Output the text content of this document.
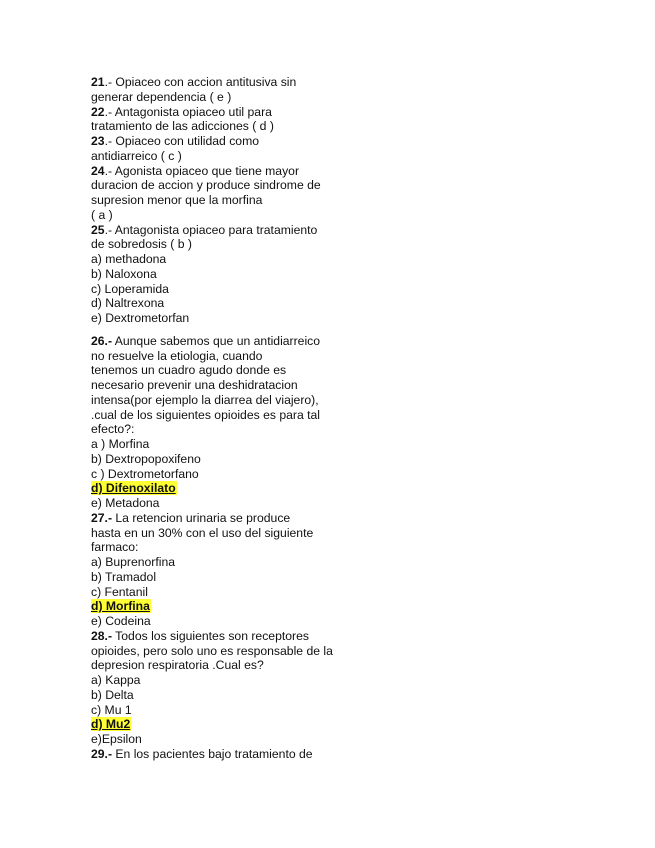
21.- Opiaceo con accion antitusiva sin
generar dependencia ( e )
22.- Antagonista opiaceo util para
tratamiento de las adicciones ( d )
23.- Opiaceo con utilidad como
antidiarreico ( c )
24.- Agonista opiaceo que tiene mayor
duracion de accion y produce sindrome de
supresion menor que la morfina
( a )
25.- Antagonista opiaceo para tratamiento
de sobredosis ( b )
a) methadona
b) Naloxona
c) Loperamida
d) Naltrexona
e) Dextrometorfan
26.- Aunque sabemos que un antidiarreico
no resuelve la etiologia, cuando
tenemos un cuadro agudo donde es
necesario prevenir una deshidratacion
intensa(por ejemplo la diarrea del viajero),
.cual de los siguientes opioides es para tal
efecto?:
a ) Morfina
b) Dextropopoxifeno
c ) Dextrometorfano
d) Difenoxilato
e) Metadona
27.- La retencion urinaria se produce
hasta en un 30% con el uso del siguiente
farmaco:
a) Buprenorfina
b) Tramadol
c) Fentanil
d) Morfina
e) Codeina
28.- Todos los siguientes son receptores
opioides, pero solo uno es responsable de la
depresion respiratoria .Cual es?
a) Kappa
b) Delta
c) Mu 1
d) Mu2
e)Epsilon
29.- En los pacientes bajo tratamiento de
